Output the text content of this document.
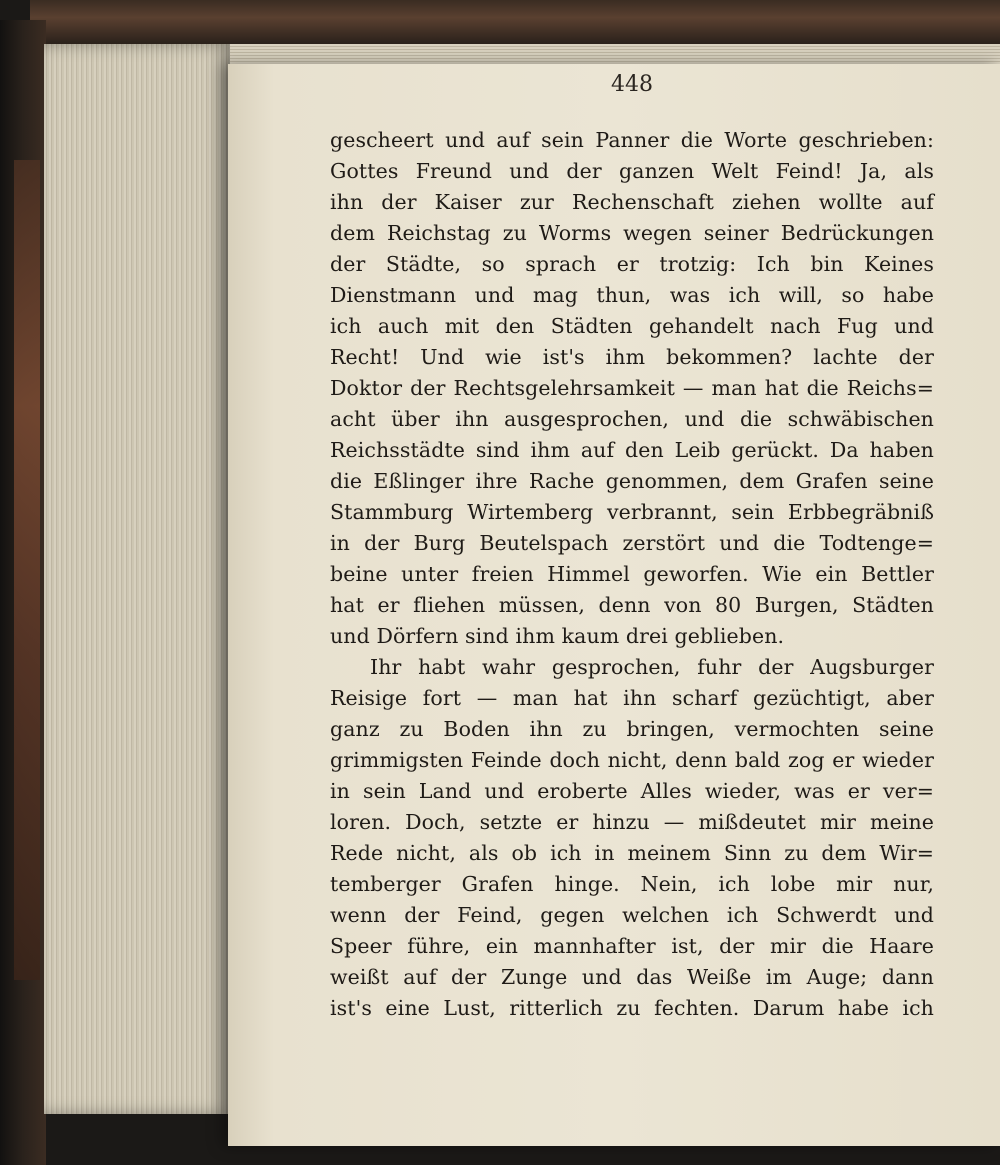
448
gescheert und auf sein Panner die Worte geschrieben:
Gottes Freund und der ganzen Welt Feind! Ja, als
ihn der Kaiser zur Rechenschaft ziehen wollte auf
dem Reichstag zu Worms wegen seiner Bedrückungen
der Städte, so sprach er trotzig: Ich bin Keines
Dienstmann und mag thun, was ich will, so habe
ich auch mit den Städten gehandelt nach Fug und
Recht! Und wie ist's ihm bekommen? lachte der
Doktor der Rechtsgelehrsamkeit — man hat die Reichs=
acht über ihn ausgesprochen, und die schwäbischen
Reichsstädte sind ihm auf den Leib gerückt. Da haben
die Eßlinger ihre Rache genommen, dem Grafen seine
Stammburg Wirtemberg verbrannt, sein Erbbegräbniß
in der Burg Beutelspach zerstört und die Todtenge=
beine unter freien Himmel geworfen. Wie ein Bettler
hat er fliehen müssen, denn von 80 Burgen, Städten
und Dörfern sind ihm kaum drei geblieben.
Ihr habt wahr gesprochen, fuhr der Augsburger
Reisige fort — man hat ihn scharf gezüchtigt, aber
ganz zu Boden ihn zu bringen, vermochten seine
grimmigsten Feinde doch nicht, denn bald zog er wieder
in sein Land und eroberte Alles wieder, was er ver=
loren. Doch, setzte er hinzu — mißdeutet mir meine
Rede nicht, als ob ich in meinem Sinn zu dem Wir=
temberger Grafen hinge. Nein, ich lobe mir nur,
wenn der Feind, gegen welchen ich Schwerdt und
Speer führe, ein mannhafter ist, der mir die Haare
weißt auf der Zunge und das Weiße im Auge; dann
ist's eine Lust, ritterlich zu fechten. Darum habe ich
